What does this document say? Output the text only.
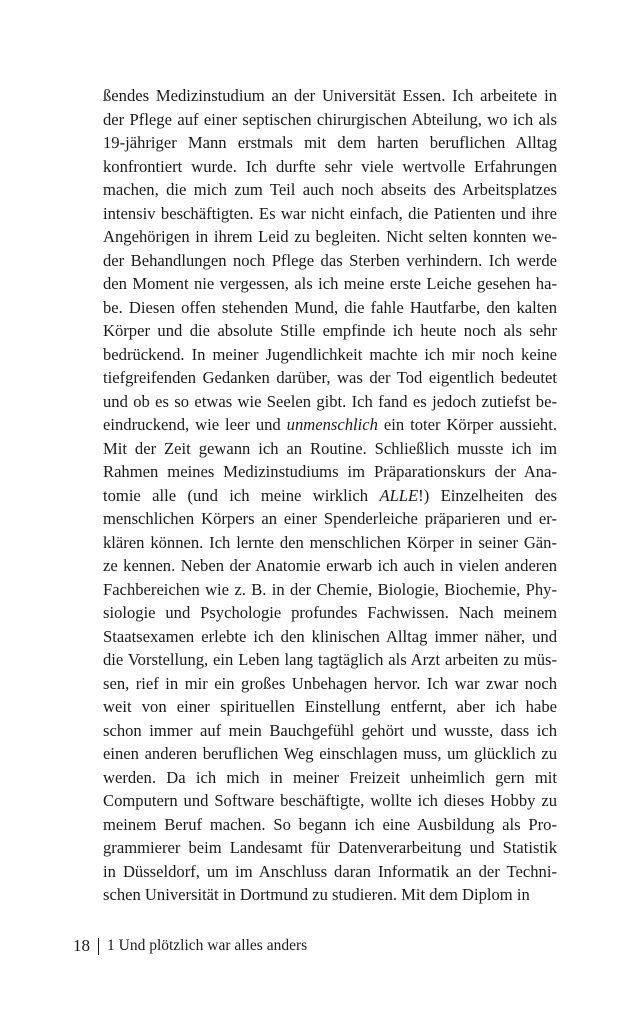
ßendes Medizinstudium an der Universität Essen. Ich arbeitete in
der Pflege auf einer septischen chirurgischen Abteilung, wo ich als
19-jähriger Mann erstmals mit dem harten beruflichen Alltag
konfrontiert wurde. Ich durfte sehr viele wertvolle Erfahrungen
machen, die mich zum Teil auch noch abseits des Arbeitsplatzes
intensiv beschäftigten. Es war nicht einfach, die Patienten und ihre
Angehörigen in ihrem Leid zu begleiten. Nicht selten konnten we-
der Behandlungen noch Pflege das Sterben verhindern. Ich werde
den Moment nie vergessen, als ich meine erste Leiche gesehen ha-
be. Diesen offen stehenden Mund, die fahle Hautfarbe, den kalten
Körper und die absolute Stille empfinde ich heute noch als sehr
bedrückend. In meiner Jugendlichkeit machte ich mir noch keine
tiefgreifenden Gedanken darüber, was der Tod eigentlich bedeutet
und ob es so etwas wie Seelen gibt. Ich fand es jedoch zutiefst be-
eindruckend, wie leer und unmenschlich ein toter Körper aussieht.
Mit der Zeit gewann ich an Routine. Schließlich musste ich im
Rahmen meines Medizinstudiums im Präparationskurs der Ana-
tomie alle (und ich meine wirklich ALLE!) Einzelheiten des
menschlichen Körpers an einer Spenderleiche präparieren und er-
klären können. Ich lernte den menschlichen Körper in seiner Gän-
ze kennen. Neben der Anatomie erwarb ich auch in vielen anderen
Fachbereichen wie z. B. in der Chemie, Biologie, Biochemie, Phy-
siologie und Psychologie profundes Fachwissen. Nach meinem
Staatsexamen erlebte ich den klinischen Alltag immer näher, und
die Vorstellung, ein Leben lang tagtäglich als Arzt arbeiten zu müs-
sen, rief in mir ein großes Unbehagen hervor. Ich war zwar noch
weit von einer spirituellen Einstellung entfernt, aber ich habe
schon immer auf mein Bauchgefühl gehört und wusste, dass ich
einen anderen beruflichen Weg einschlagen muss, um glücklich zu
werden. Da ich mich in meiner Freizeit unheimlich gern mit
Computern und Software beschäftigte, wollte ich dieses Hobby zu
meinem Beruf machen. So begann ich eine Ausbildung als Pro-
grammierer beim Landesamt für Datenverarbeitung und Statistik
in Düsseldorf, um im Anschluss daran Informatik an der Techni-
schen Universität in Dortmund zu studieren. Mit dem Diplom in
18 1 Und plötzlich war alles anders
